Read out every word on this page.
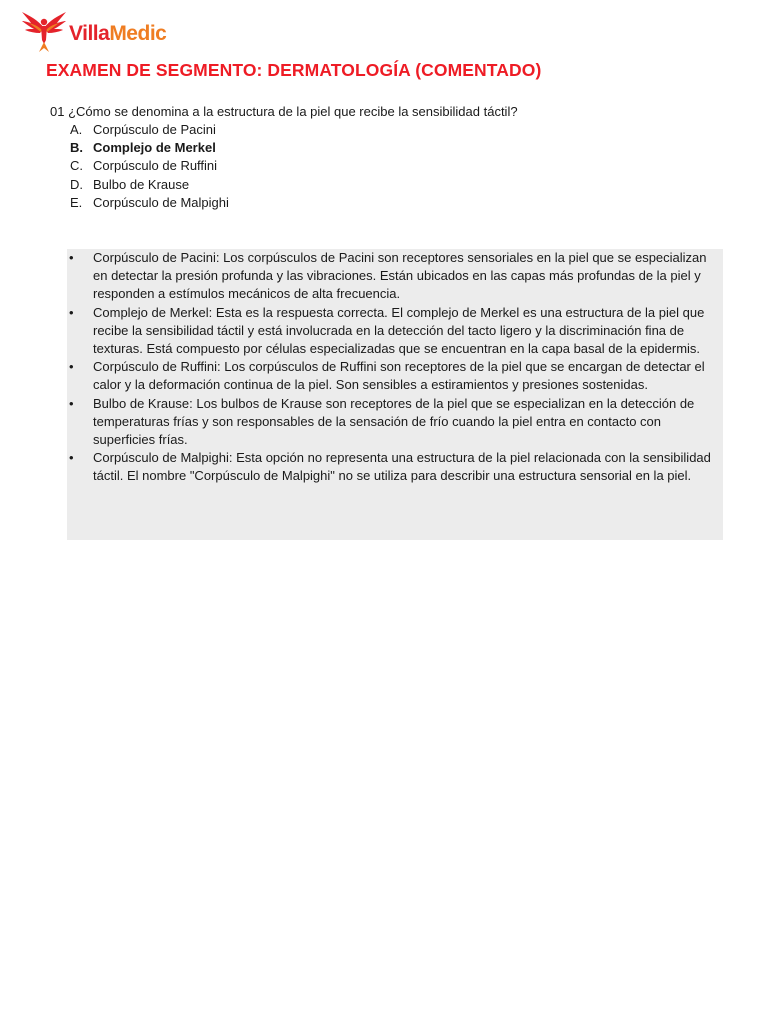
VillaMedic
EXAMEN DE SEGMENTO: DERMATOLOGÍA (COMENTADO)
01 ¿Cómo se denomina a la estructura de la piel que recibe la sensibilidad táctil?
A. Corpúsculo de Pacini
B. Complejo de Merkel
C. Corpúsculo de Ruffini
D. Bulbo de Krause
E. Corpúsculo de Malpighi
• Corpúsculo de Pacini: Los corpúsculos de Pacini son receptores sensoriales en la piel que se especializan en detectar la presión profunda y las vibraciones. Están ubicados en las capas más profundas de la piel y responden a estímulos mecánicos de alta frecuencia.
• Complejo de Merkel: Esta es la respuesta correcta. El complejo de Merkel es una estructura de la piel que recibe la sensibilidad táctil y está involucrada en la detección del tacto ligero y la discriminación fina de texturas. Está compuesto por células especializadas que se encuentran en la capa basal de la epidermis.
• Corpúsculo de Ruffini: Los corpúsculos de Ruffini son receptores de la piel que se encargan de detectar el calor y la deformación continua de la piel. Son sensibles a estiramientos y presiones sostenidas.
• Bulbo de Krause: Los bulbos de Krause son receptores de la piel que se especializan en la detección de temperaturas frías y son responsables de la sensación de frío cuando la piel entra en contacto con superficies frías.
• Corpúsculo de Malpighi: Esta opción no representa una estructura de la piel relacionada con la sensibilidad táctil. El nombre "Corpúsculo de Malpighi" no se utiliza para describir una estructura sensorial en la piel.
